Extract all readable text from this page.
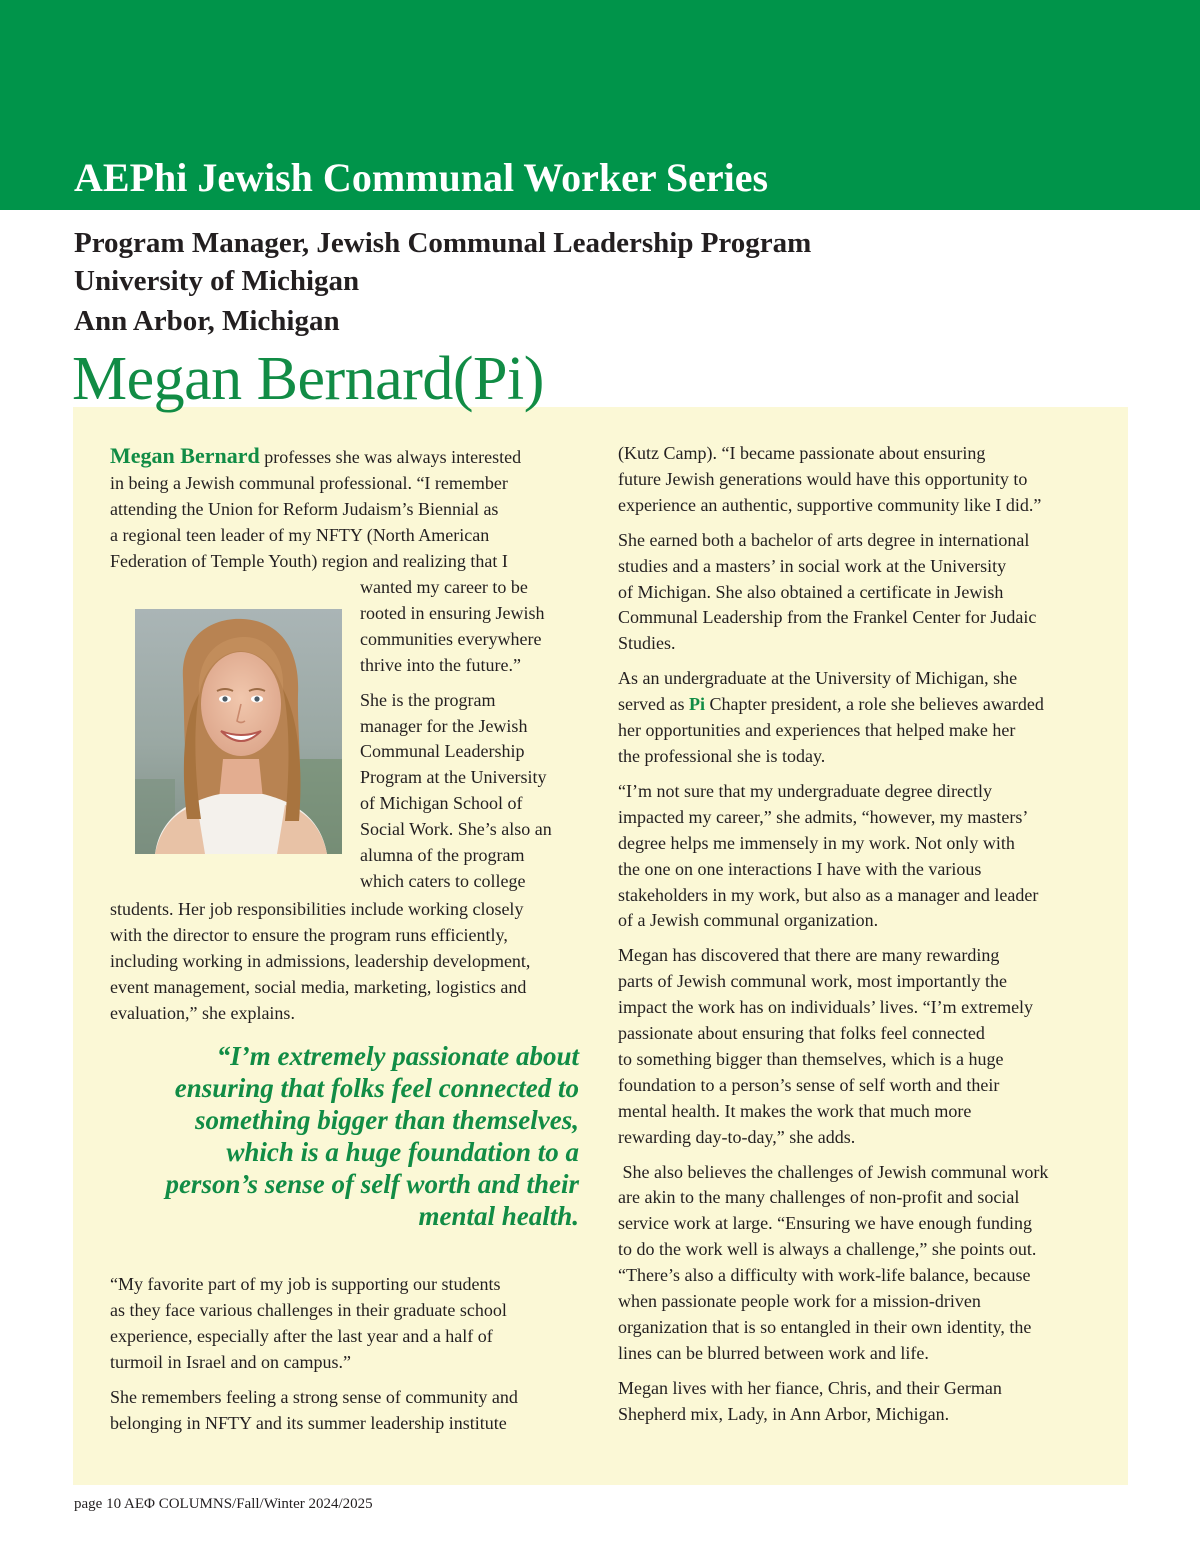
AEPhi Jewish Communal Worker Series
Program Manager, Jewish Communal Leadership Program
University of Michigan
Ann Arbor, Michigan
Megan Bernard(Pi)
Megan Bernard professes she was always interested
in being a Jewish communal professional. “I remember
attending the Union for Reform Judaism’s Biennial as
a regional teen leader of my NFTY (North American
Federation of Temple Youth) region and realizing that I

wanted my career to be
rooted in ensuring Jewish
communities everywhere
thrive into the future.”

She is the program
manager for the Jewish
Communal Leadership
Program at the University
of Michigan School of
Social Work. She’s also an
alumna of the program
which caters to college
students. Her job responsibilities include working closely
with the director to ensure the program runs efficiently,
including working in admissions, leadership development,
event management, social media, marketing, logistics and
evaluation,” she explains.
“I’m extremely passionate about
ensuring that folks feel connected to
something bigger than themselves,
which is a huge foundation to a
person’s sense of self worth and their
mental health.

“My favorite part of my job is supporting our students
as they face various challenges in their graduate school
experience, especially after the last year and a half of
turmoil in Israel and on campus.”

She remembers feeling a strong sense of community and
belonging in NFTY and its summer leadership institute

(Kutz Camp). “I became passionate about ensuring
future Jewish generations would have this opportunity to
experience an authentic, supportive community like I did.”

She earned both a bachelor of arts degree in international
studies and a masters’ in social work at the University
of Michigan. She also obtained a certificate in Jewish
Communal Leadership from the Frankel Center for Judaic
Studies.

As an undergraduate at the University of Michigan, she
served as Pi Chapter president, a role she believes awarded
her opportunities and experiences that helped make her
the professional she is today.

“I’m not sure that my undergraduate degree directly
impacted my career,” she admits, “however, my masters’
degree helps me immensely in my work. Not only with
the one on one interactions I have with the various
stakeholders in my work, but also as a manager and leader
of a Jewish communal organization.

Megan has discovered that there are many rewarding
parts of Jewish communal work, most importantly the
impact the work has on individuals’ lives. “I’m extremely
passionate about ensuring that folks feel connected
to something bigger than themselves, which is a huge
foundation to a person’s sense of self worth and their
mental health. It makes the work that much more
rewarding day-to-day,” she adds.

She also believes the challenges of Jewish communal work
are akin to the many challenges of non-profit and social
service work at large. “Ensuring we have enough funding
to do the work well is always a challenge,” she points out.
“There’s also a difficulty with work-life balance, because
when passionate people work for a mission-driven
organization that is so entangled in their own identity, the
lines can be blurred between work and life.

Megan lives with her fiance, Chris, and their German
Shepherd mix, Lady, in Ann Arbor, Michigan.

page 10 AEΦ COLUMNS/Fall/Winter 2024/2025
